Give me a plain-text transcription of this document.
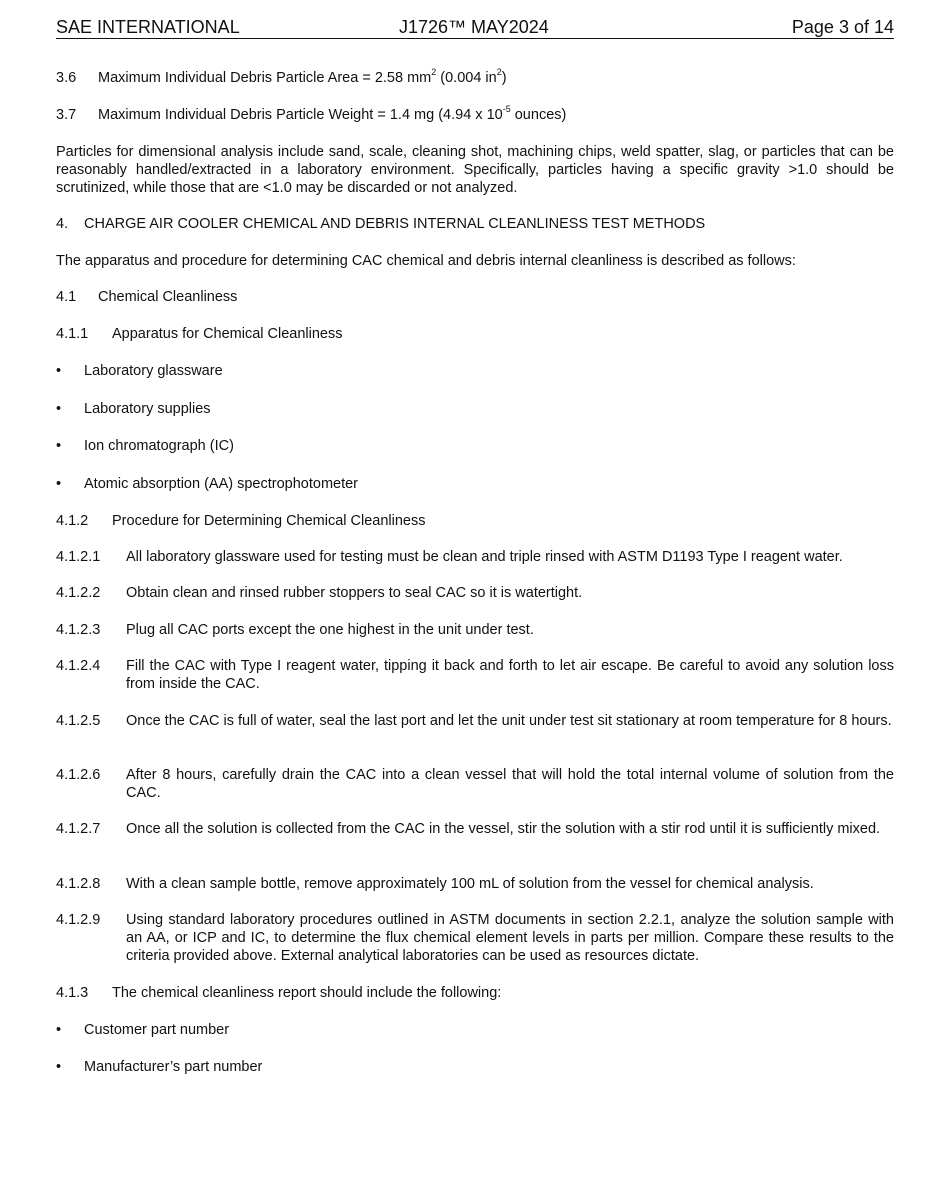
SAE INTERNATIONAL	J1726™ MAY2024	Page 3 of 14
3.6 Maximum Individual Debris Particle Area = 2.58 $mm^2$ (0.004 $in^2$)
3.7 Maximum Individual Debris Particle Weight = 1.4 mg (4.94 x $10^{-5}$ ounces)
Particles for dimensional analysis include sand, scale, cleaning shot, machining chips, weld spatter, slag, or particles that can be reasonably handled/extracted in a laboratory environment. Specifically, particles having a specific gravity >1.0 should be scrutinized, while those that are <1.0 may be discarded or not analyzed.
4. CHARGE AIR COOLER CHEMICAL AND DEBRIS INTERNAL CLEANLINESS TEST METHODS
The apparatus and procedure for determining CAC chemical and debris internal cleanliness is described as follows:
4.1 Chemical Cleanliness
4.1.1 Apparatus for Chemical Cleanliness
•	Laboratory glassware
•	Laboratory supplies
•	Ion chromatograph (IC)
•	Atomic absorption (AA) spectrophotometer
4.1.2 Procedure for Determining Chemical Cleanliness
4.1.2.1	All laboratory glassware used for testing must be clean and triple rinsed with ASTM D1193 Type I reagent water.
4.1.2.2	Obtain clean and rinsed rubber stoppers to seal CAC so it is watertight.
4.1.2.3	Plug all CAC ports except the one highest in the unit under test.
4.1.2.4	Fill the CAC with Type I reagent water, tipping it back and forth to let air escape. Be careful to avoid any solution loss from inside the CAC.
4.1.2.5	Once the CAC is full of water, seal the last port and let the unit under test sit stationary at room temperature for 8 hours.
4.1.2.6	After 8 hours, carefully drain the CAC into a clean vessel that will hold the total internal volume of solution from the CAC.
4.1.2.7	Once all the solution is collected from the CAC in the vessel, stir the solution with a stir rod until it is sufficiently mixed.
4.1.2.8	With a clean sample bottle, remove approximately 100 mL of solution from the vessel for chemical analysis.
4.1.2.9	Using standard laboratory procedures outlined in ASTM documents in section 2.2.1, analyze the solution sample with an AA, or ICP and IC, to determine the flux chemical element levels in parts per million. Compare these results to the criteria provided above. External analytical laboratories can be used as resources dictate.
4.1.3 The chemical cleanliness report should include the following:
•	Customer part number
•	Manufacturer’s part number
